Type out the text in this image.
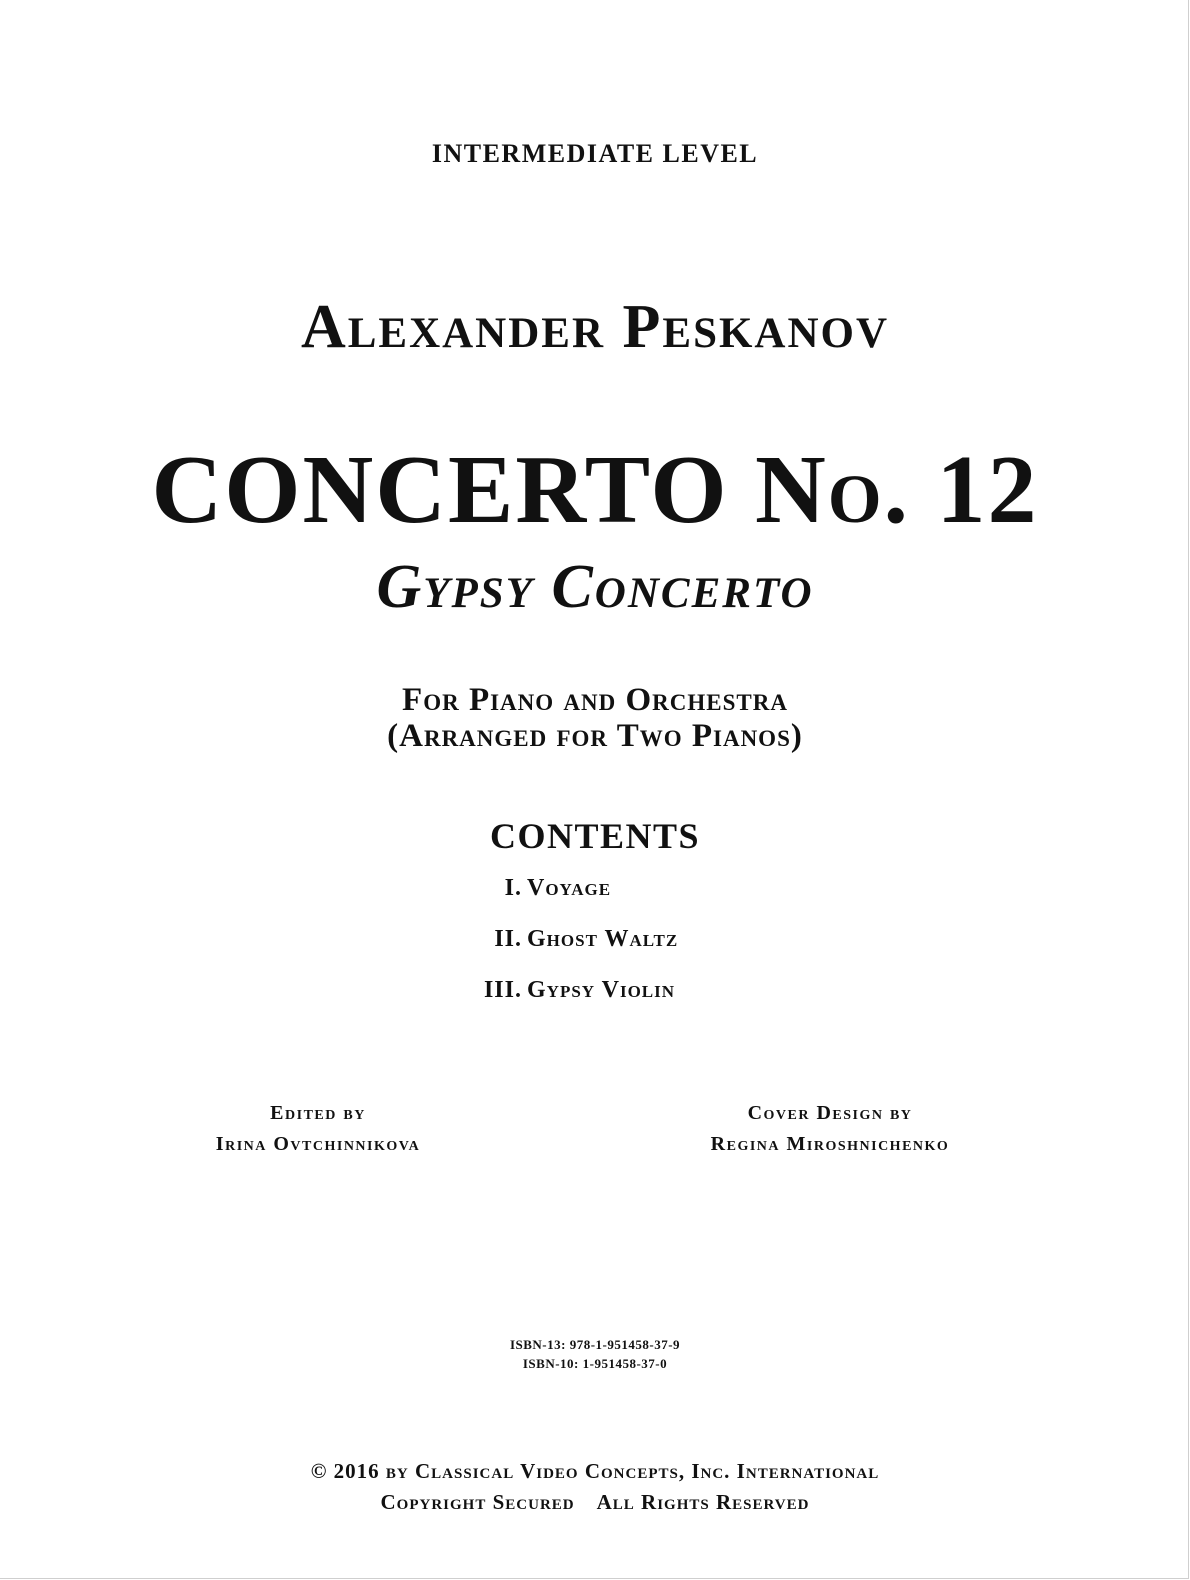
INTERMEDIATE LEVEL
Alexander Peskanov
CONCERTO No. 12
Gypsy Concerto
For Piano and Orchestra
(Arranged for Two Pianos)
CONTENTS
I. Voyage
II. Ghost Waltz
III. Gypsy Violin
Edited by
Irina Ovtchinnikova
Cover Design by
Regina Miroshnichenko
ISBN-13: 978-1-951458-37-9
ISBN-10: 1-951458-37-0
© 2016 by Classical Video Concepts, Inc. International
Copyright Secured All Rights Reserved
